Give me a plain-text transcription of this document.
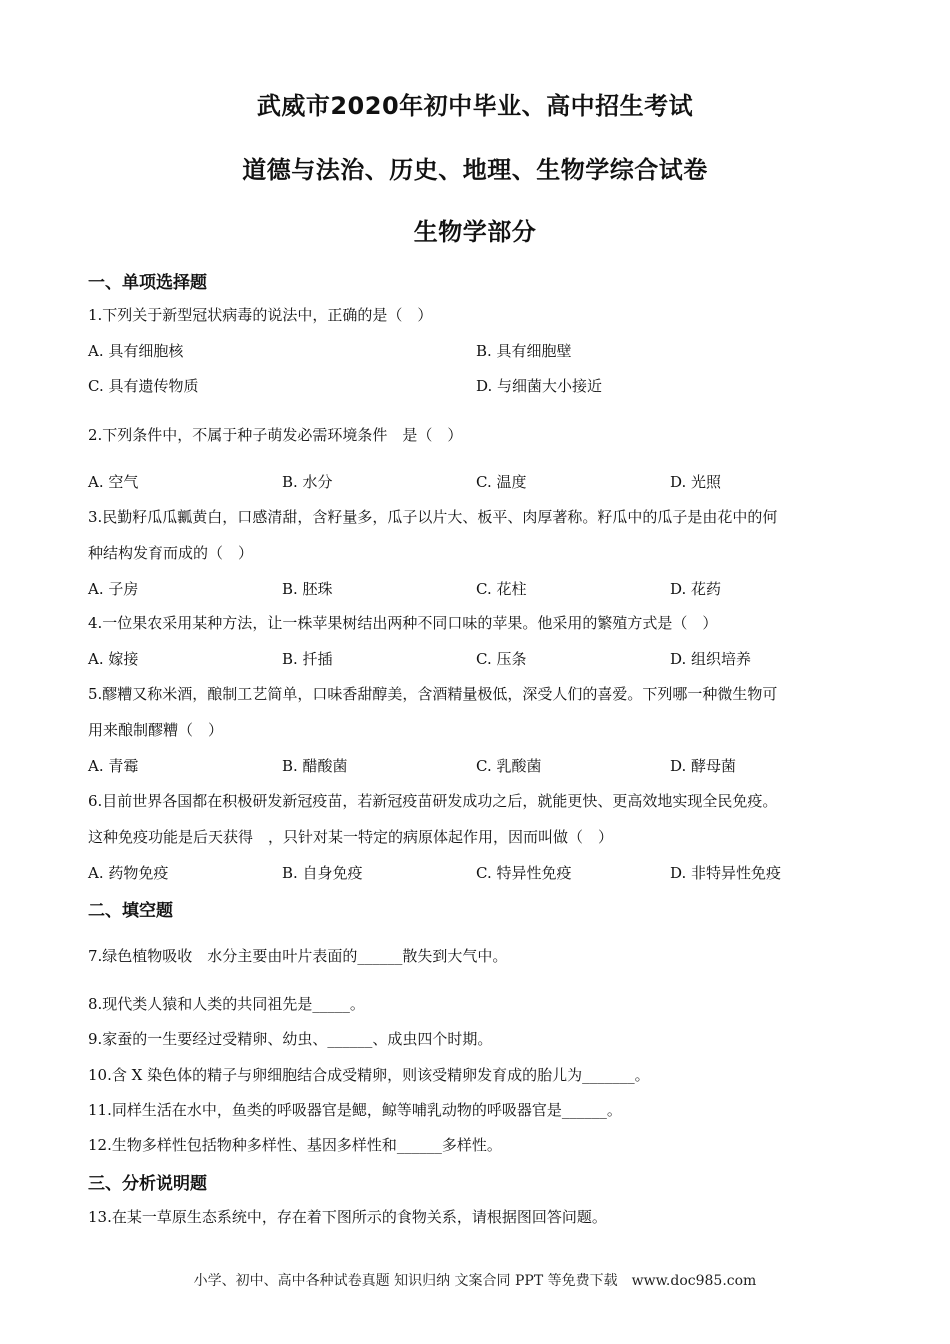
武威市2020年初中毕业、高中招生考试
道德与法治、历史、地理、生物学综合试卷
生物学部分
一、单项选择题
1.下列关于新型冠状病毒的说法中，正确的是（　）
A. 具有细胞核	B. 具有细胞壁
C. 具有遗传物质	D. 与细菌大小接近
2.下列条件中，不属于种子萌发必需环境条件　是（　）
A. 空气	B. 水分	C. 温度	D. 光照
3.民勤籽瓜瓜瓤黄白，口感清甜，含籽量多，瓜子以片大、板平、肉厚著称。籽瓜中的瓜子是由花中的何
种结构发育而成的（　）
A. 子房	B. 胚珠	C. 花柱	D. 花药
4.一位果农采用某种方法，让一株苹果树结出两种不同口味的苹果。他采用的繁殖方式是（　）
A. 嫁接	B. 扦插	C. 压条	D. 组织培养
5.醪糟又称米酒，酿制工艺简单，口味香甜醇美，含酒精量极低，深受人们的喜爱。下列哪一种微生物可
用来酿制醪糟（　）
A. 青霉	B. 醋酸菌	C. 乳酸菌	D. 酵母菌
6.目前世界各国都在积极研发新冠疫苗，若新冠疫苗研发成功之后，就能更快、更高效地实现全民免疫。
这种免疫功能是后天获得　，只针对某一特定的病原体起作用，因而叫做（　）
A. 药物免疫	B. 自身免疫	C. 特异性免疫	D. 非特异性免疫
二、填空题
7.绿色植物吸收　水分主要由叶片表面的______散失到大气中。
8.现代类人猿和人类的共同祖先是_____。
9.家蚕的一生要经过受精卵、幼虫、______、成虫四个时期。
10.含 X 染色体的精子与卵细胞结合成受精卵，则该受精卵发育成的胎儿为_______。
11.同样生活在水中，鱼类的呼吸器官是鳃，鲸等哺乳动物的呼吸器官是______。
12.生物多样性包括物种多样性、基因多样性和______多样性。
三、分析说明题
13.在某一草原生态系统中，存在着下图所示的食物关系，请根据图回答问题。
小学、初中、高中各种试卷真题 知识归纳 文案合同 PPT 等免费下载　www.doc985.com
